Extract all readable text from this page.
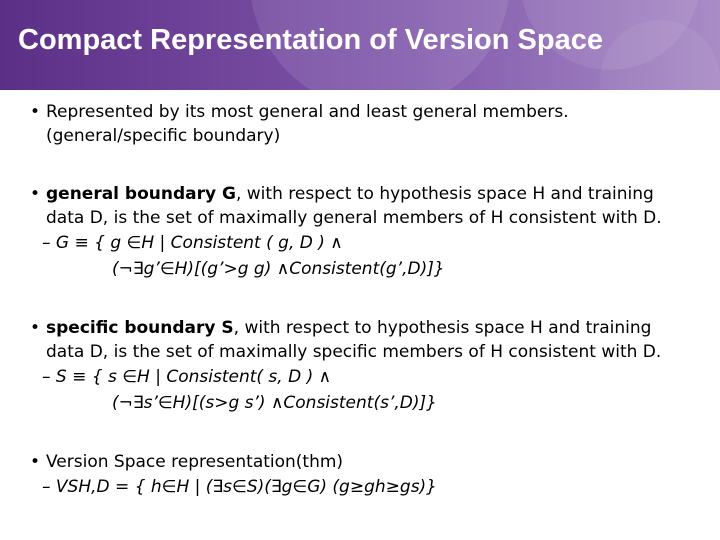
Compact Representation of Version Space
• Represented by its most general and least general members.
(general/specific boundary)
• general boundary G, with respect to hypothesis space H and training
data D, is the set of maximally general members of H consistent with D.
– G ≡ { g ∈H | Consistent ( g, D ) ∧
(¬∃g’∈H)[(g’>g g) ∧Consistent(g’,D)]}
• specific boundary S, with respect to hypothesis space H and training
data D, is the set of maximally specific members of H consistent with D.
– S ≡ { s ∈H | Consistent( s, D ) ∧
(¬∃s’∈H)[(s>g s’) ∧Consistent(s’,D)]}
• Version Space representation(thm)
– VSH,D = { h∈H | (∃s∈S)(∃g∈G) (g≥gh≥gs)}
